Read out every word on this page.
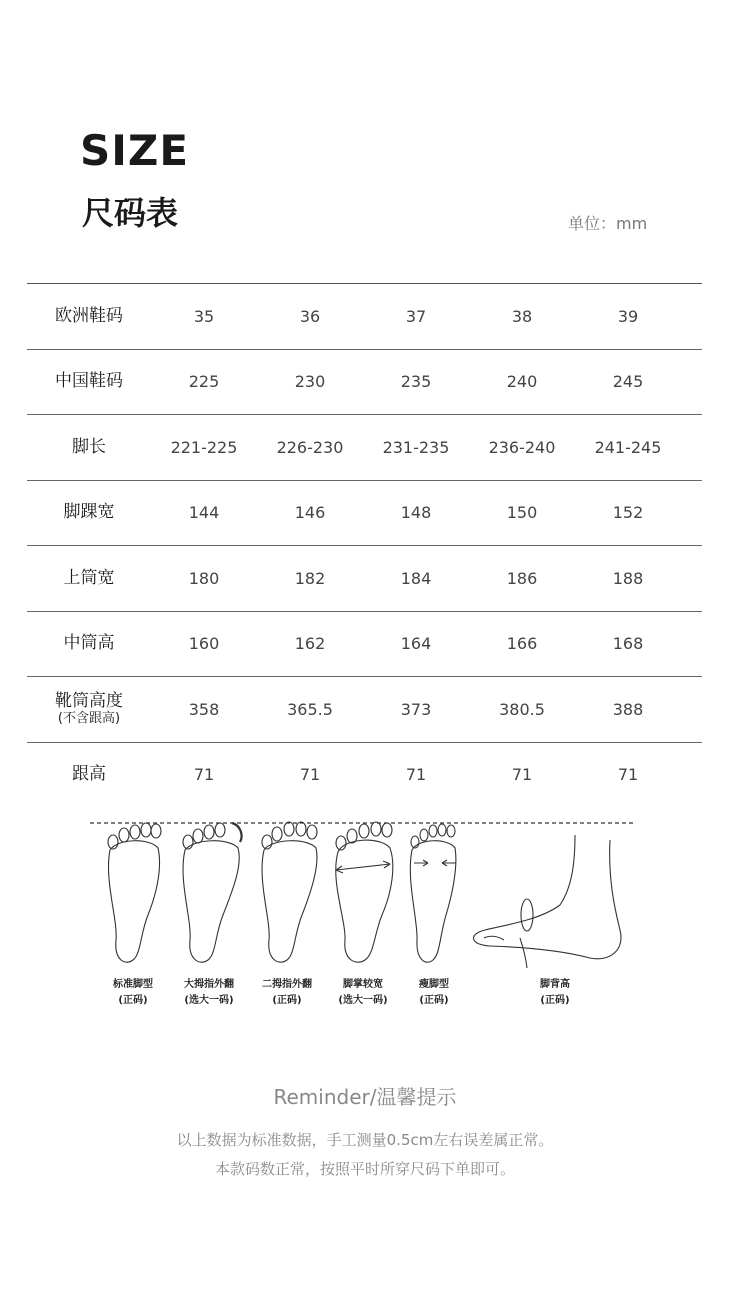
SIZE
尺码表	单位：mm
欧洲鞋码	35	36	37	38	39
中国鞋码	225	230	235	240	245
脚长	221-225	226-230	231-235	236-240	241-245
脚踝宽	144	146	148	150	152
上筒宽	180	182	184	186	188
中筒高	160	162	164	166	168
靴筒高度
(不含跟高)	358	365.5	373	380.5	388
跟高	71	71	71	71	71
标准脚型
(正码)
大拇指外翻
(选大一码)
二拇指外翻
(正码)
脚掌较宽
(选大一码)
瘦脚型
(正码)
脚背高
(正码)
Reminder/温馨提示
以上数据为标准数据，手工测量0.5cm左右误差属正常。
本款码数正常，按照平时所穿尺码下单即可。
